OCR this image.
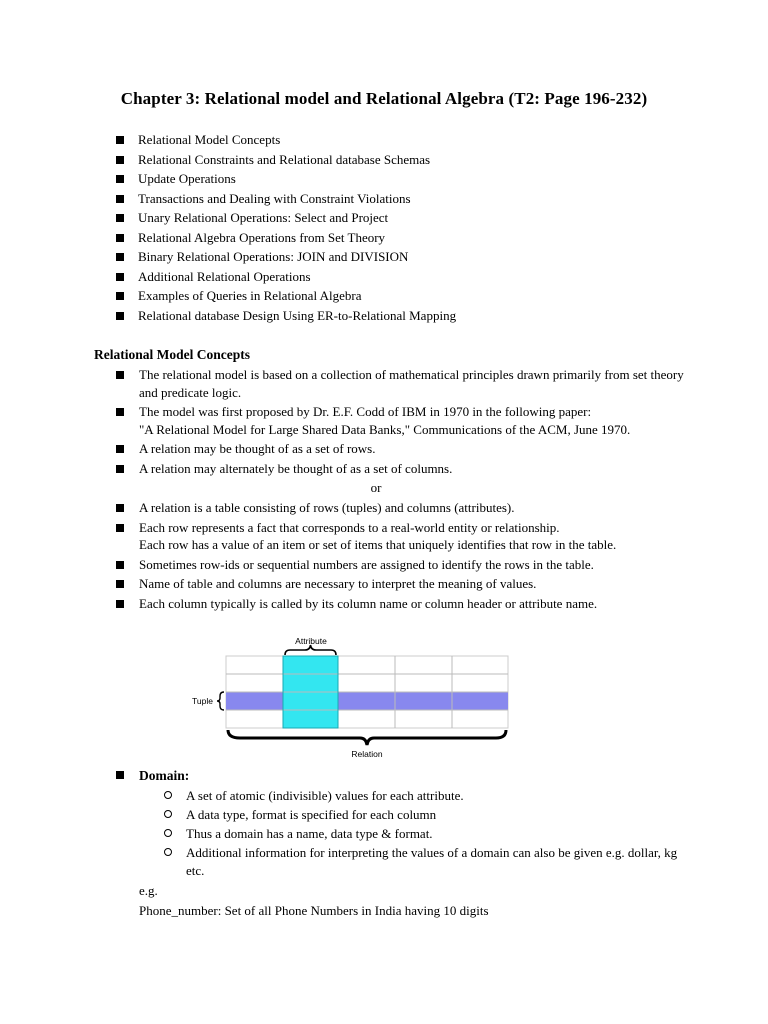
Chapter 3: Relational model and Relational Algebra (T2: Page 196-232)
Relational Model Concepts
Relational Constraints and Relational database Schemas
Update Operations
Transactions and Dealing with Constraint Violations
Unary Relational Operations: Select and Project
Relational Algebra Operations from Set Theory
Binary Relational Operations: JOIN and DIVISION
Additional Relational Operations
Examples of Queries in Relational Algebra
Relational database Design Using ER-to-Relational Mapping
Relational Model Concepts
The relational model is based on a collection of mathematical principles drawn primarily from set theory and predicate logic.
The model was first proposed by Dr. E.F. Codd of IBM in 1970 in the following paper:
"A Relational Model for Large Shared Data Banks," Communications of the ACM, June 1970.
A relation may be thought of as a set of rows.
A relation may alternately be thought of as a set of columns.
or
A relation is a table consisting of rows (tuples) and columns (attributes).
Each row represents a fact that corresponds to a real-world entity or relationship.
Each row has a value of an item or set of items that uniquely identifies that row in the table.
Sometimes row-ids or sequential numbers are assigned to identify the rows in the table.
Name of table and columns are necessary to interpret the meaning of values.
Each column typically is called by its column name or column header or attribute name.
Attribute
Tuple
Relation
Domain:
A set of atomic (indivisible) values for each attribute.
A data type, format is specified for each column
Thus a domain has a name, data type & format.
Additional information for interpreting the values of a domain can also be given e.g. dollar, kg etc.
e.g.
Phone_number: Set of all Phone Numbers in India having 10 digits
